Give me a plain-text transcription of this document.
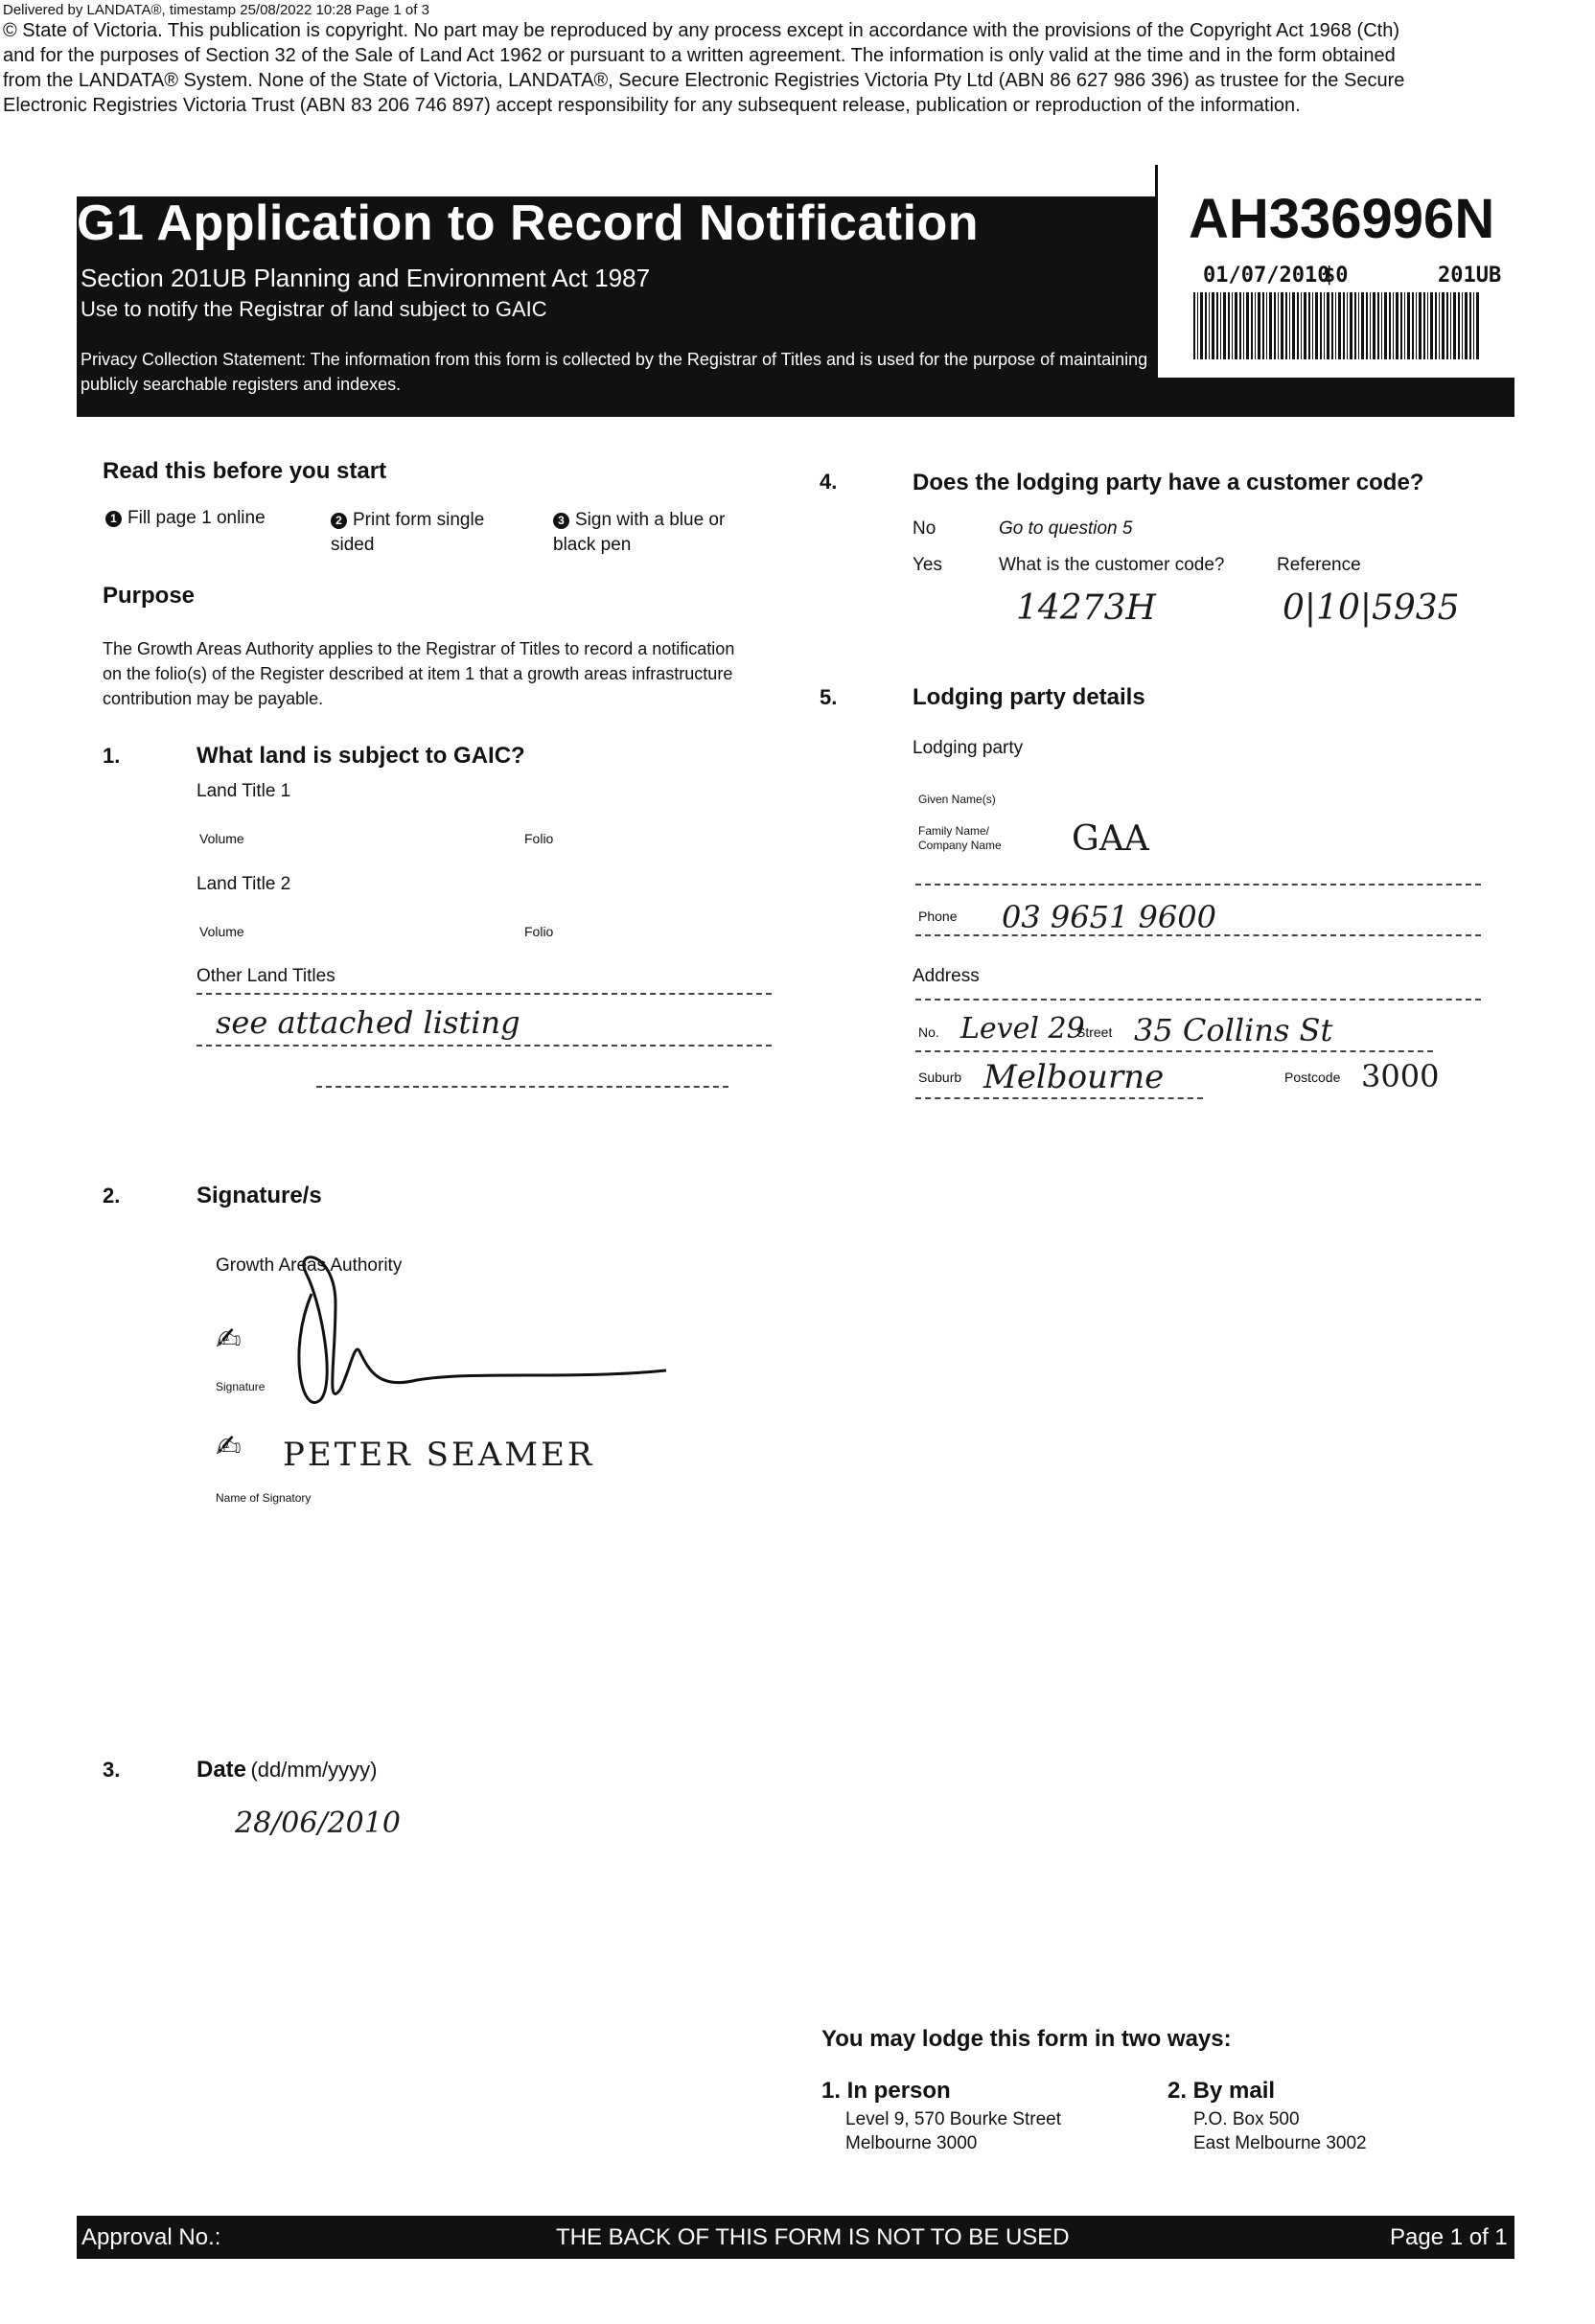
Delivered by LANDATA®, timestamp 25/08/2022 10:28 Page 1 of 3
© State of Victoria. This publication is copyright. No part may be reproduced by any process except in accordance with the provisions of the Copyright Act 1968 (Cth)
and for the purposes of Section 32 of the Sale of Land Act 1962 or pursuant to a written agreement. The information is only valid at the time and in the form obtained
from the LANDATA® System. None of the State of Victoria, LANDATA®, Secure Electronic Registries Victoria Pty Ltd (ABN 86 627 986 396) as trustee for the Secure
Electronic Registries Victoria Trust (ABN 83 206 746 897) accept responsibility for any subsequent release, publication or reproduction of the information.
G1 Application to Record Notification
Section 201UB Planning and Environment Act 1987
Use to notify the Registrar of land subject to GAIC
Privacy Collection Statement: The information from this form is collected by the Registrar of Titles and is used for the purpose of maintaining publicly searchable registers and indexes.
AH336996N
01/07/2010
$0	201UB
Read this before you start
1 Fill page 1 online	2 Print form single sided
3 Sign with a blue or black pen
Purpose
The Growth Areas Authority applies to the Registrar of Titles to record a notification on the folio(s) of the Register described at item 1 that a growth areas infrastructure contribution may be payable.
1.	What land is subject to GAIC?
Land Title 1
Volume	Folio
Land Title 2
Volume	Folio
Other Land Titles
see attached listing
2.	Signature/s
Growth Areas Authority
✍
Signature
✍ PETER SEAMER
Name of Signatory
3.	Date (dd/mm/yyyy)
28/06/2010
4.	Does the lodging party have a customer code?
No	Go to question 5
Yes	What is the customer code?	Reference
14273H	0|10|5935
5.	Lodging party details
Lodging party
Given Name(s)
Family Name/ Company Name	GAA
Phone 03 9651 9600
Address
No. Level 29
Street 35 Collins St
Suburb Melbourne	Postcode 3000
You may lodge this form in two ways:
1. In person
Level 9, 570 Bourke Street
Melbourne 3000
2. By mail
P.O. Box 500
East Melbourne 3002
Approval No.:	THE BACK OF THIS FORM IS NOT TO BE USED	Page 1 of 1
